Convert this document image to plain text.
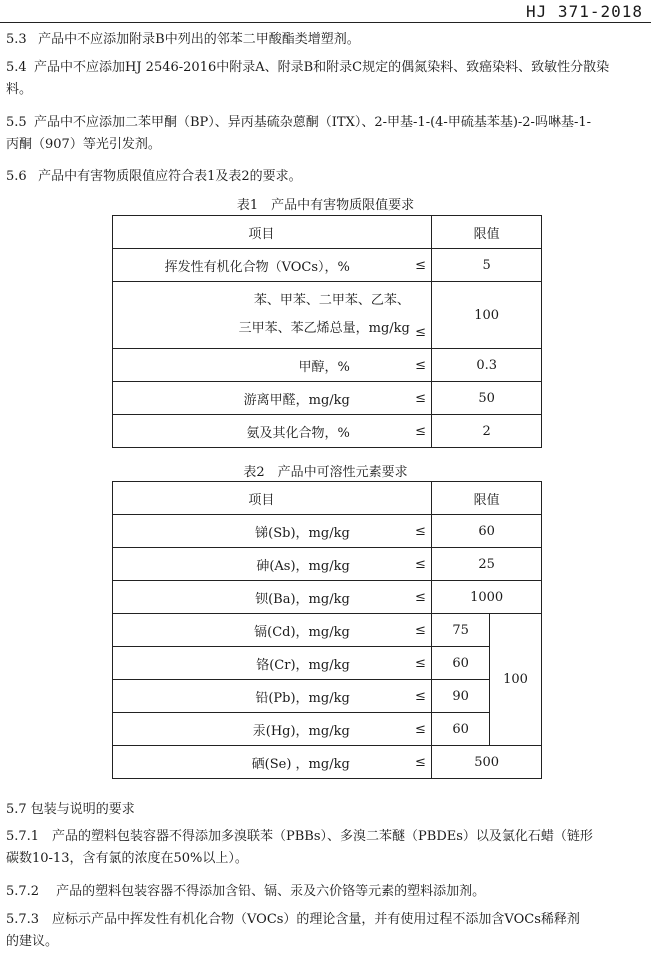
HJ 371-2018
5.3 产品中不应添加附录B中列出的邻苯二甲酸酯类增塑剂。
5.4 产品中不应添加HJ 2546-2016中附录A、附录B和附录C规定的偶氮染料、致癌染料、致敏性分散染
料。
5.5 产品中不应添加二苯甲酮（BP）、异丙基硫杂蒽酮（ITX）、2-甲基-1-(4-甲硫基苯基)-2-吗啉基-1-
丙酮（907）等光引发剂。
5.6 产品中有害物质限值应符合表1及表2的要求。
表1　产品中有害物质限值要求
项目		限值
挥发性有机化合物（VOCs），%	≤	5

苯、甲苯、二甲苯、乙苯、
三甲苯、苯乙烯总量，mg/kg	≤	100
甲醇，%	≤	0.3
游离甲醛，mg/kg	≤	50
氨及其化合物，%	≤	2
表2　产品中可溶性元素要求
项目		限值	
锑(Sb)，mg/kg	≤	60	
砷(As)，mg/kg	≤	25	
钡(Ba)，mg/kg	≤	1000	
镉(Cd)，mg/kg	≤	75	100
铬(Cr)，mg/kg	≤	60	
铅(Pb)，mg/kg	≤	90	
汞(Hg)，mg/kg	≤	60	
硒(Se) ，mg/kg	≤	500	
5.7 包装与说明的要求
5.7.1 产品的塑料包装容器不得添加多溴联苯（PBBs）、多溴二苯醚（PBDEs）以及氯化石蜡（链形
碳数10-13，含有氯的浓度在50%以上）。
5.7.2 产品的塑料包装容器不得添加含铅、镉、汞及六价铬等元素的塑料添加剂。
5.7.3 应标示产品中挥发性有机化合物（VOCs）的理论含量，并有使用过程不添加含VOCs稀释剂
的建议。
